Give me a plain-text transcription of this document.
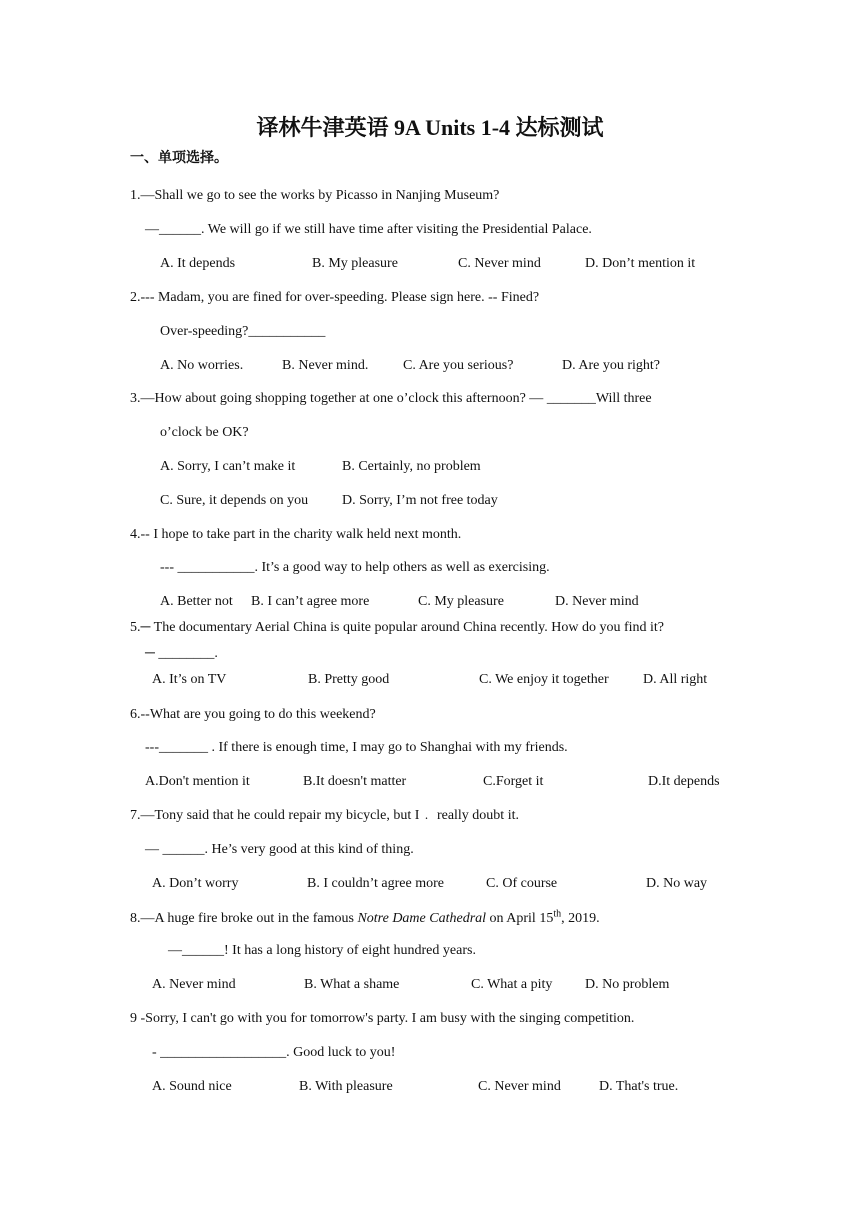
译林牛津英语 9A Units 1-4 达标测试
一、单项选择。
1.—Shall we go to see the works by Picasso in Nanjing Museum?
—______. We will go if we still have time after visiting the Presidential Palace.
A. It depends	B. My pleasure	C. Never mind	D. Don’t mention it
2.--- Madam, you are fined for over-speeding. Please sign here. -- Fined?
Over-speeding?___________
A. No worries.	B. Never mind. C. Are you serious?	D. Are you right?
3.—How about going shopping together at one o’clock this afternoon? — _______Will three
o’clock be OK?
A. Sorry, I can’t make it	B. Certainly, no problem
C. Sure, it depends on you D. Sorry, I’m not free today
4.-- I hope to take part in the charity walk held next month.
--- ___________. It’s a good way to help others as well as exercising.
A. Better not B. I can’t agree more	C. My pleasure	D. Never mind
5.─ The documentary Aerial China is quite popular around China recently. How do you find it?
─ ________.
A. It’s on TV	B. Pretty good	C. We enjoy it together D. All right
6.--What are you going to do this weekend?
---_______ . If there is enough time, I may go to Shanghai with my friends.
A.Don't mention it	B.It doesn't matter	C.Forget it	D.It depends
7.—Tony said that he could repair my bicycle, but I﹒ really doubt it.
— ______. He’s very good at this kind of thing.
A. Don’t worry	B. I couldn’t agree more	C. Of course	D. No way
8.—A huge fire broke out in the famous Notre Dame Cathedral on April 15th, 2019.
—______! It has a long history of eight hundred years.
A. Never mind	B. What a shame	C. What a pity D. No problem
9 -Sorry, I can't go with you for tomorrow's party. I am busy with the singing competition.
- __________________. Good luck to you!
A. Sound nice	B. With pleasure	C. Never mind	D. That's true.
